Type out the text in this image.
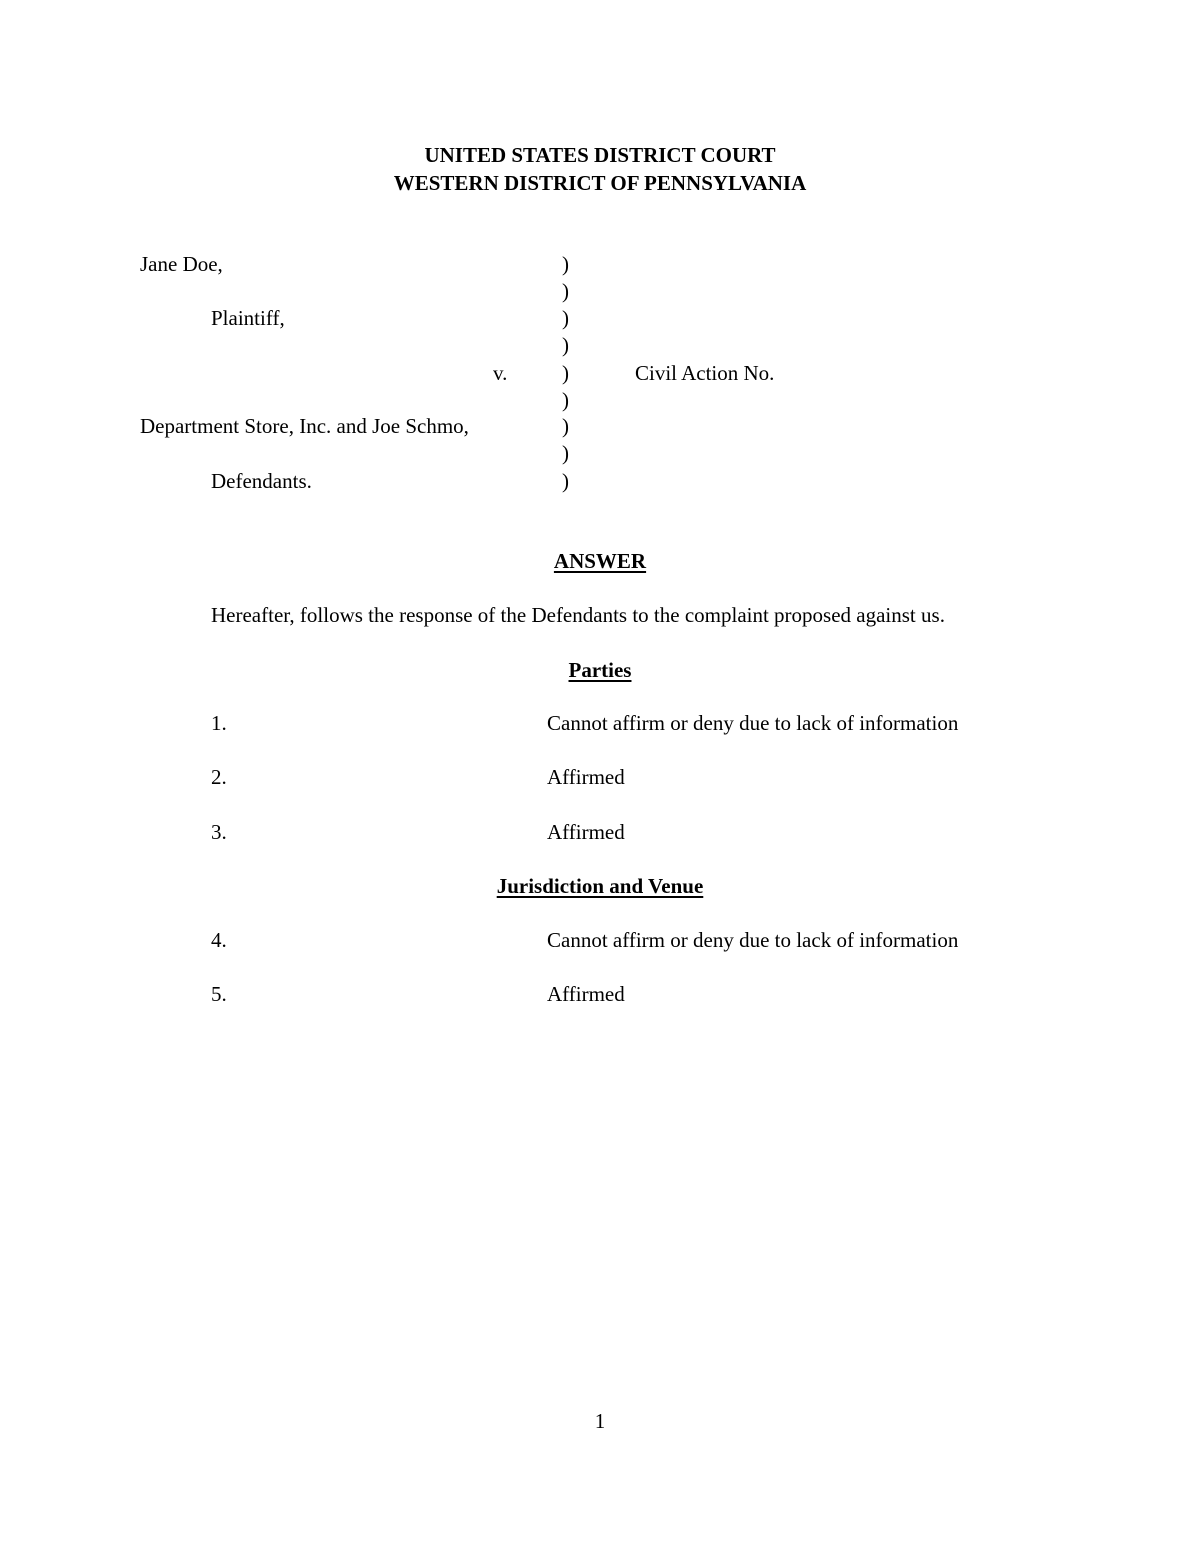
UNITED STATES DISTRICT COURT
WESTERN DISTRICT OF PENNSYLVANIA
Jane Doe,
Plaintiff,
v.
Department Store, Inc. and Joe Schmo,
Defendants.
)
)
)
)
)
)
)
)
)
Civil Action No.
ANSWER
Hereafter, follows the response of the Defendants to the complaint proposed against us.
Parties
1.	Cannot affirm or deny due to lack of information
2.	Affirmed
3.	Affirmed
Jurisdiction and Venue
4.	Cannot affirm or deny due to lack of information
5.	Affirmed
1
